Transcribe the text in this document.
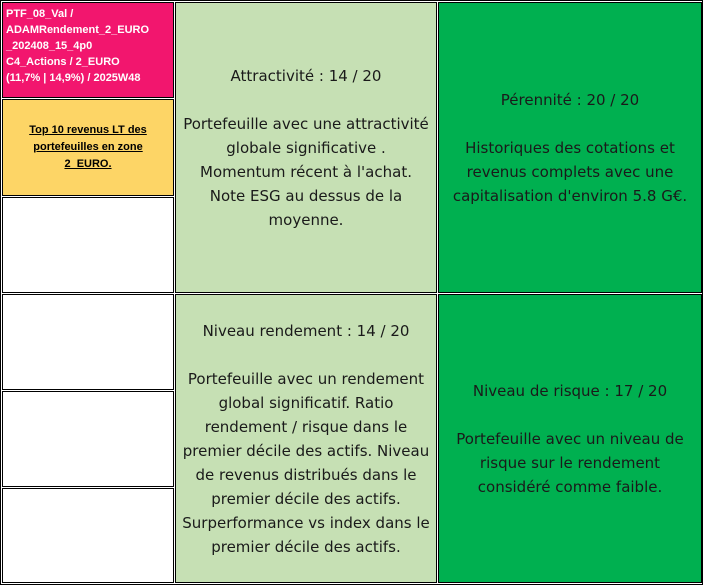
PTF_08_Val /
ADAMRendement_2_EURO
_202408_15_4p0
C4_Actions / 2_EURO
(11,7% | 14,9%) / 2025W48
Top 10 revenus LT des portefeuilles en zone 2_EURO.
Attractivité : 14 / 20
Portefeuille avec une attractivité globale significative . Momentum récent à l'achat. Note ESG au dessus de la moyenne.
Pérennité : 20 / 20
Historiques des cotations et revenus complets avec une capitalisation d'environ 5.8 G€.
Niveau rendement : 14 / 20
Portefeuille avec un rendement global significatif. Ratio rendement / risque dans le premier décile des actifs. Niveau de revenus distribués dans le premier décile des actifs. Surperformance vs index dans le premier décile des actifs.
Niveau de risque : 17 / 20
Portefeuille avec un niveau de risque sur le rendement considéré comme faible.
